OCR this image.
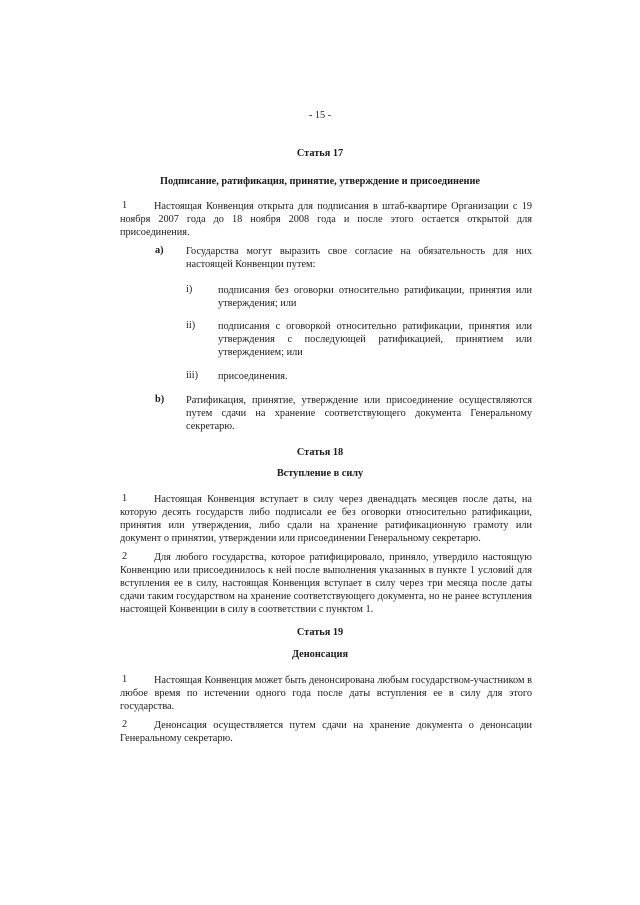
- 15 -
Статья 17
Подписание, ратификация, принятие, утверждение и присоединение
1	Настоящая Конвенция открыта для подписания в штаб-квартире Организации с 19 ноября 2007 года до 18 ноября 2008 года и после этого остается открытой для присоединения.
a) Государства могут выразить свое согласие на обязательность для них настоящей Конвенции путем:
i) подписания без оговорки относительно ратификации, принятия или утверждения; или
ii) подписания с оговоркой относительно ратификации, принятия или утверждения с последующей ратификацией, принятием или утверждением; или
iii) присоединения.
b) Ратификация, принятие, утверждение или присоединение осуществляются путем сдачи на хранение соответствующего документа Генеральному секретарю.
Статья 18
Вступление в силу
1	Настоящая Конвенция вступает в силу через двенадцать месяцев после даты, на которую десять государств либо подписали ее без оговорки относительно ратификации, принятия или утверждения, либо сдали на хранение ратификационную грамоту или документ о принятии, утверждении или присоединении Генеральному секретарю.
2	Для любого государства, которое ратифицировало, приняло, утвердило настоящую Конвенцию или присоединилось к ней после выполнения указанных в пункте 1 условий для вступления ее в силу, настоящая Конвенция вступает в силу через три месяца после даты сдачи таким государством на хранение соответствующего документа, но не ранее вступления настоящей Конвенции в силу в соответствии с пунктом 1.
Статья 19
Денонсация
1	Настоящая Конвенция может быть денонсирована любым государством-участником в любое время по истечении одного года после даты вступления ее в силу для этого государства.
2	Денонсация осуществляется путем сдачи на хранение документа о денонсации Генеральному секретарю.
